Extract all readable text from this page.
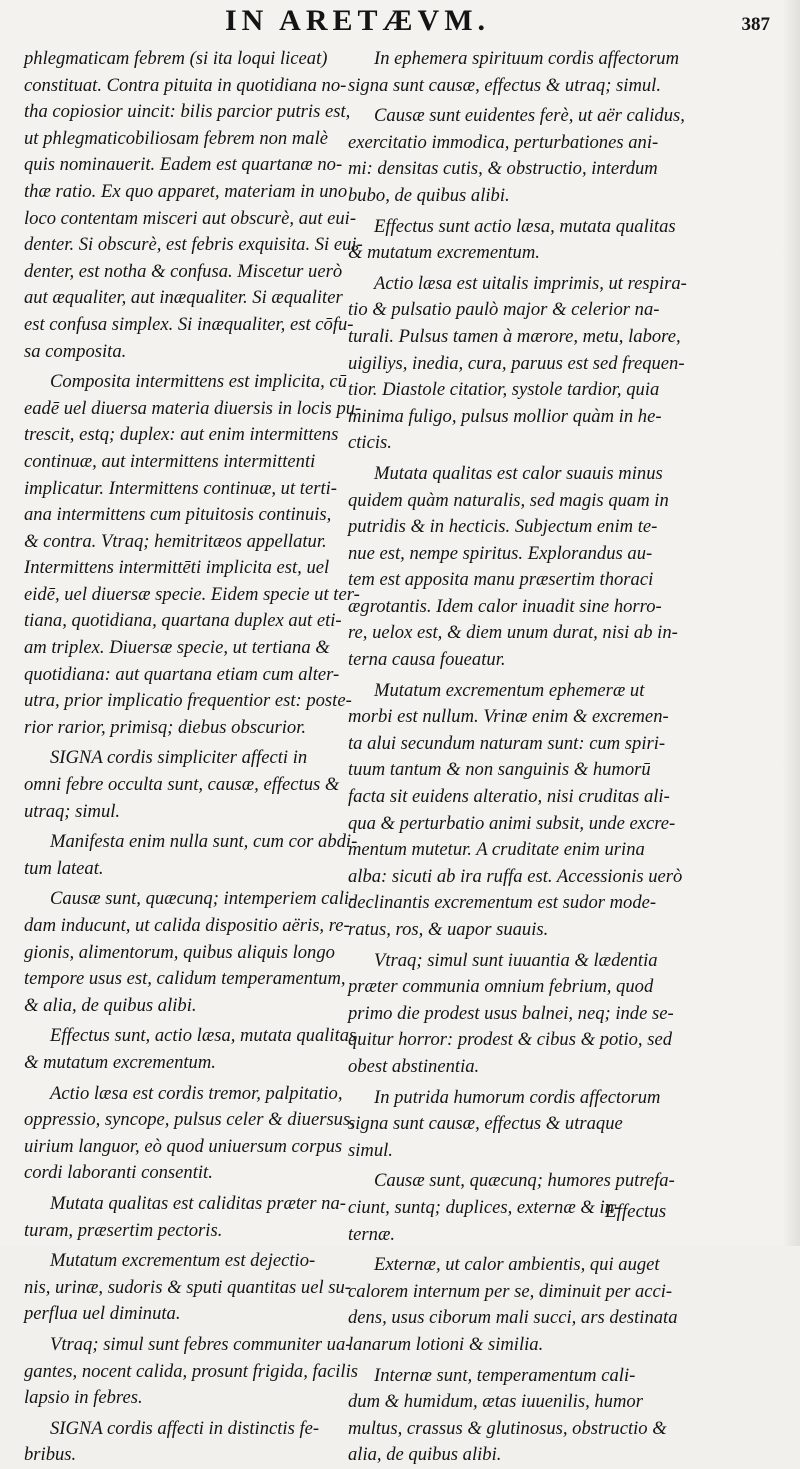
IN ARETÆVM.	387
phlegmaticam febrem (si ita loqui liceat)
constituat. Contra pituita in quotidiana no-
tha copiosior uincit: bilis parcior putris est,
ut phlegmaticobiliosam febrem non malè
quis nominauerit. Eadem est quartanæ no-
thæ ratio. Ex quo apparet, materiam in uno
loco contentam misceri aut obscurè, aut eui-
denter. Si obscurè, est febris exquisita. Si eui-
denter, est notha & confusa. Miscetur uerò
aut æqualiter, aut inæqualiter. Si æqualiter
est confusa simplex. Si inæqualiter, est cōfu-
sa composita.
Composita intermittens est implicita, cū
eadē uel diuersa materia diuersis in locis pu-
trescit, estq; duplex: aut enim intermittens
continuæ, aut intermittens intermittenti
implicatur. Intermittens continuæ, ut terti-
ana intermittens cum pituitosis continuis,
& contra. Vtraq; hemitritæos appellatur.
Intermittens intermittēti implicita est, uel
eidē, uel diuersæ specie. Eidem specie ut ter-
tiana, quotidiana, quartana duplex aut eti-
am triplex. Diuersæ specie, ut tertiana &
quotidiana: aut quartana etiam cum alter-
utra, prior implicatio frequentior est: poste-
rior rarior, primisq; diebus obscurior.
SIGNA cordis simpliciter affecti in
omni febre occulta sunt, causæ, effectus &
utraq; simul.
Manifesta enim nulla sunt, cum cor abdi-
tum lateat.
Causæ sunt, quæcunq; intemperiem cali-
dam inducunt, ut calida dispositio aëris, re-
gionis, alimentorum, quibus aliquis longo
tempore usus est, calidum temperamentum,
& alia, de quibus alibi.
Effectus sunt, actio læsa, mutata qualitas
& mutatum excrementum.
Actio læsa est cordis tremor, palpitatio,
oppressio, syncope, pulsus celer & diuersus,
uirium languor, eò quod uniuersum corpus
cordi laboranti consentit.
Mutata qualitas est caliditas præter na-
turam, præsertim pectoris.
Mutatum excrementum est dejectio-
nis, urinæ, sudoris & sputi quantitas uel su-
perflua uel diminuta.
Vtraq; simul sunt febres communiter ua-
gantes, nocent calida, prosunt frigida, facilis
lapsio in febres.
SIGNA cordis affecti in distinctis fe-
bribus.
In ephemera spirituum cordis affectorum
signa sunt causæ, effectus & utraq; simul.
Causæ sunt euidentes ferè, ut aër calidus,
exercitatio immodica, perturbationes ani-
mi: densitas cutis, & obstructio, interdum
bubo, de quibus alibi.
Effectus sunt actio læsa, mutata qualitas
& mutatum excrementum.
Actio læsa est uitalis imprimis, ut respira-
tio & pulsatio paulò major & celerior na-
turali. Pulsus tamen à mærore, metu, labore,
uigiliys, inedia, cura, paruus est sed frequen-
tior. Diastole citatior, systole tardior, quia
minima fuligo, pulsus mollior quàm in he-
cticis.
Mutata qualitas est calor suauis minus
quidem quàm naturalis, sed magis quam in
putridis & in hecticis. Subjectum enim te-
nue est, nempe spiritus. Explorandus au-
tem est apposita manu præsertim thoraci
ægrotantis. Idem calor inuadit sine horro-
re, uelox est, & diem unum durat, nisi ab in-
terna causa foueatur.
Mutatum excrementum ephemeræ ut
morbi est nullum. Vrinæ enim & excremen-
ta alui secundum naturam sunt: cum spiri-
tuum tantum & non sanguinis & humorū
facta sit euidens alteratio, nisi cruditas ali-
qua & perturbatio animi subsit, unde excre-
mentum mutetur. A cruditate enim urina
alba: sicuti ab ira ruffa est. Accessionis uerò
declinantis excrementum est sudor mode-
ratus, ros, & uapor suauis.
Vtraq; simul sunt iuuantia & lædentia
præter communia omnium febrium, quod
primo die prodest usus balnei, neq; inde se-
quitur horror: prodest & cibus & potio, sed
obest abstinentia.
In putrida humorum cordis affectorum
signa sunt causæ, effectus & utraque
simul.
Causæ sunt, quæcunq; humores putrefa-
ciunt, suntq; duplices, externæ & in-
ternæ.
Externæ, ut calor ambientis, qui auget
calorem internum per se, diminuit per acci-
dens, usus ciborum mali succi, ars destinata
lanarum lotioni & similia.
Internæ sunt, temperamentum cali-
dum & humidum, ætas iuuenilis, humor
multus, crassus & glutinosus, obstructio &
alia, de quibus alibi.
Effectus
